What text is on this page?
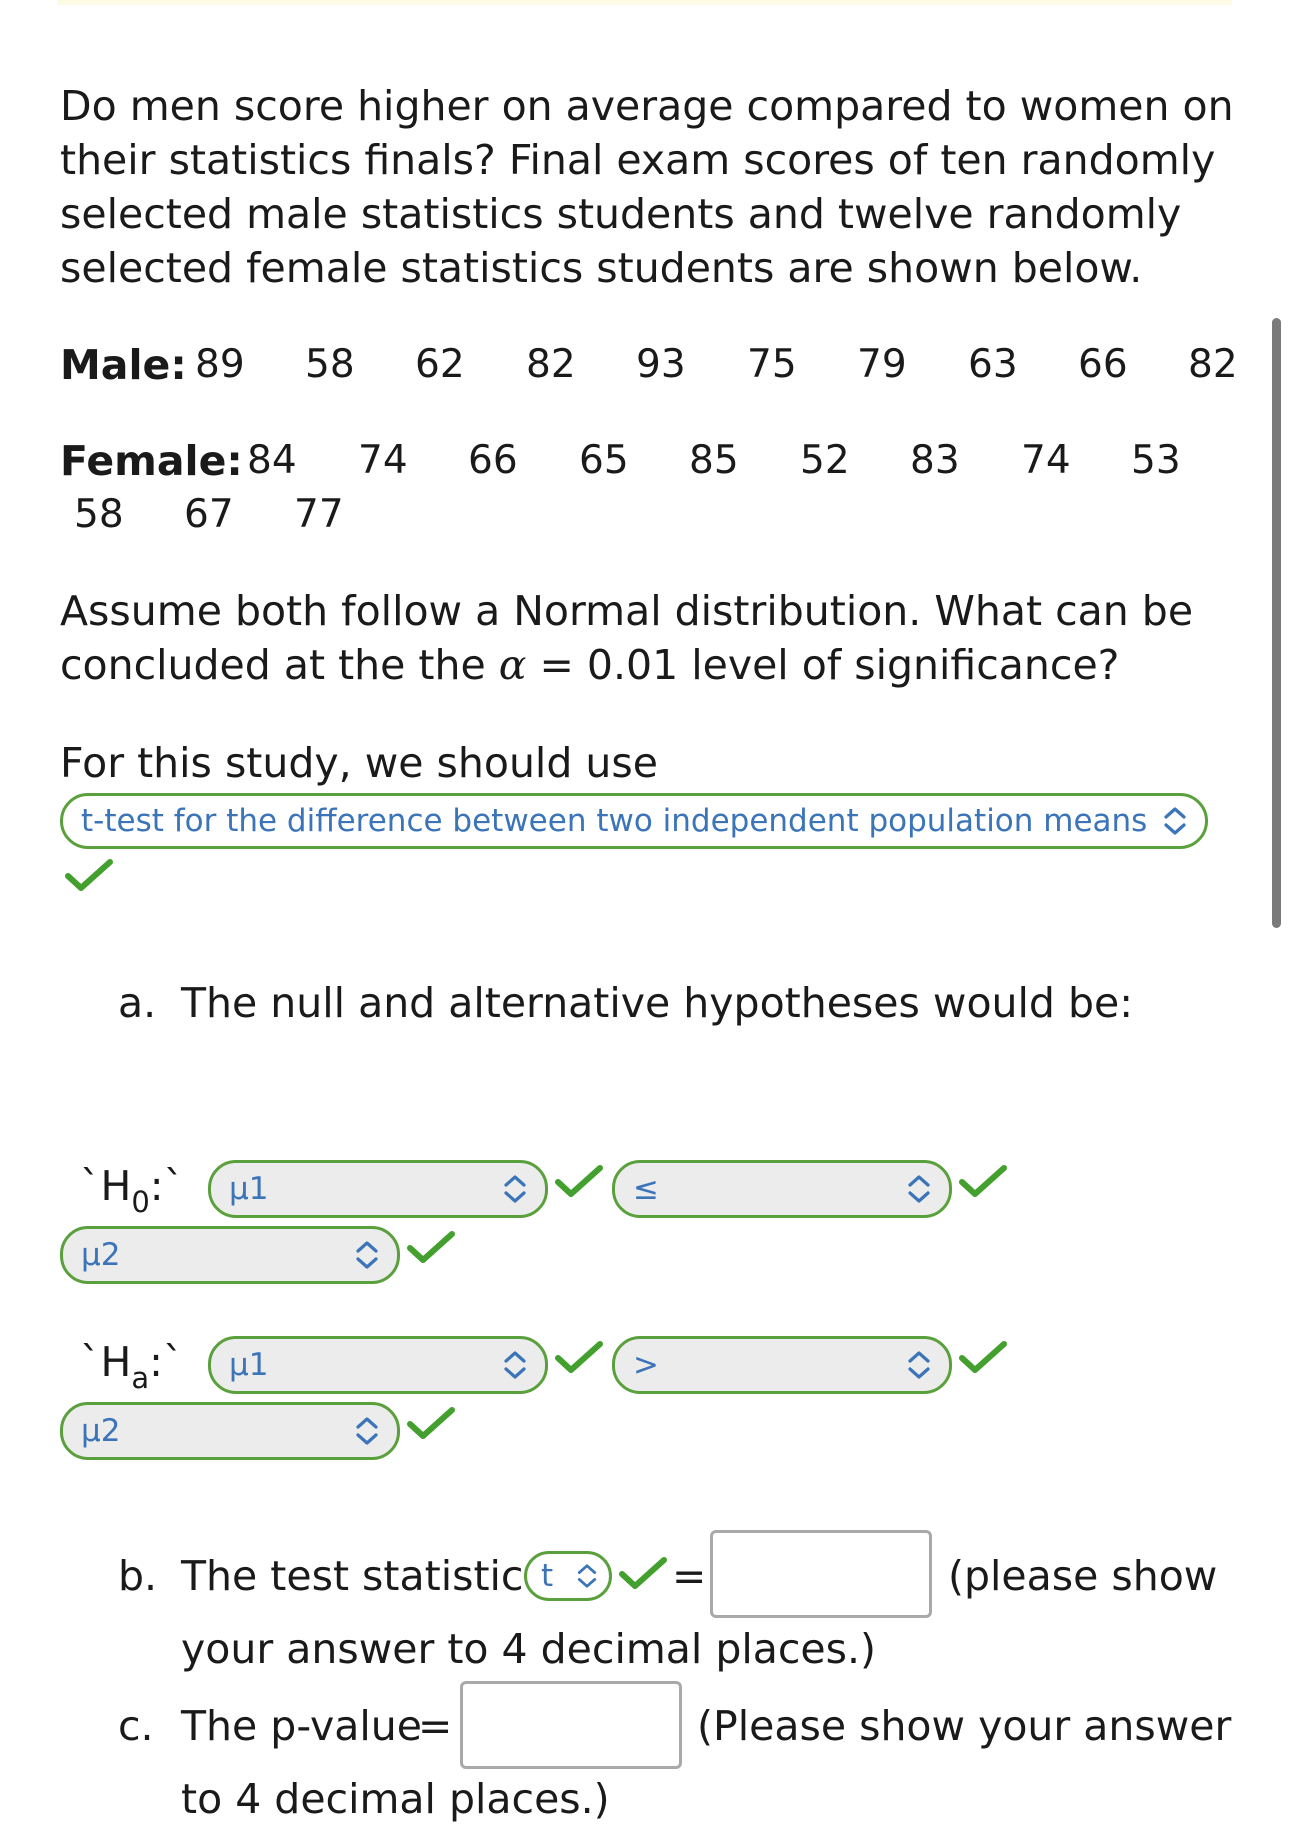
Do men score higher on average compared to women on
their statistics finals? Final exam scores of ten randomly
selected male statistics students and twelve randomly
selected female statistics students are shown below.
Male: 89 58 62 82 93 75 79 63 66 82
Female: 84 74 66 65 85 52 83 74 53
58 67 77
Assume both follow a Normal distribution. What can be
concluded at the the α = 0.01 level of significance?
For this study, we should use
t-test for the difference between two independent population means
a. The null and alternative hypotheses would be:
$`H_0:`$ μ1	≤
μ2
$`H_a:`$ μ1	>
μ2
b. The test statistic t	=	(please show
your answer to 4 decimal places.)
c. The p-value
=	(Please show your answer
to 4 decimal places.)
